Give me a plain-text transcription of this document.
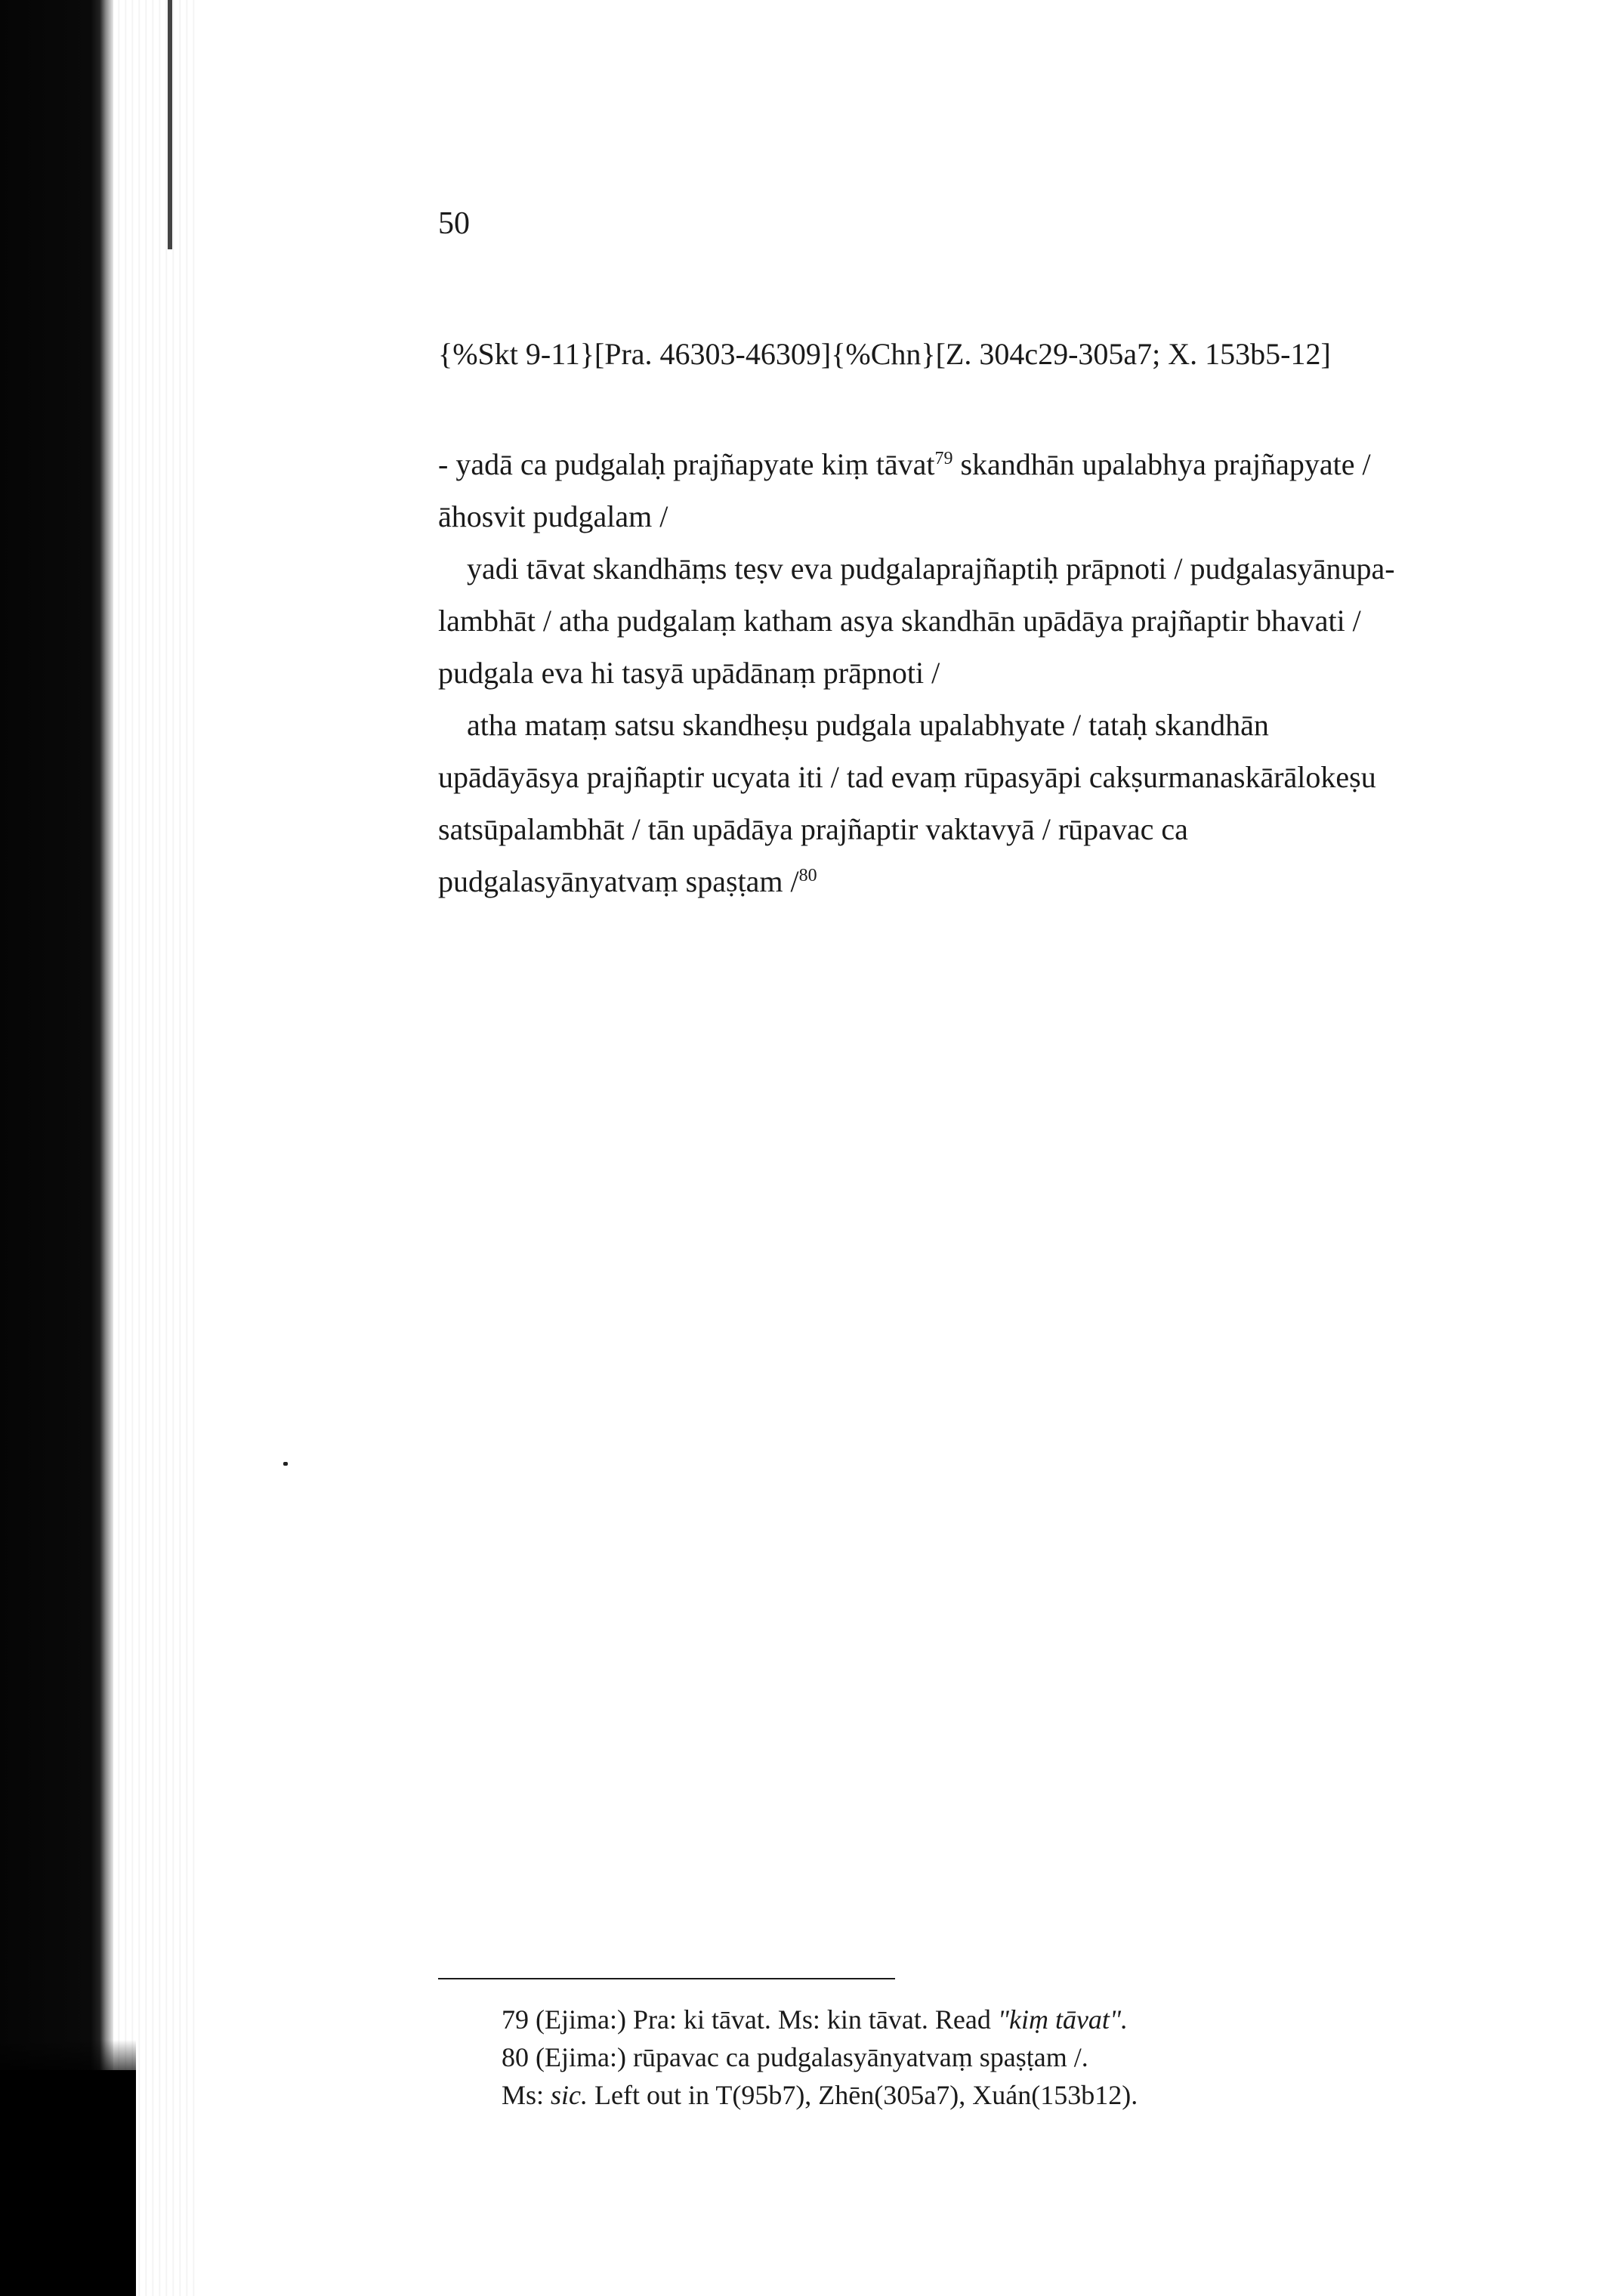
50
{%Skt 9-11}[Pra. 46303-46309]{%Chn}[Z. 304c29-305a7; X. 153b5-12]
- yadā ca pudgalaḥ prajñapyate kiṃ tāvat$^{79}$ skandhān upalabhya prajñapyate /
āhosvit pudgalam /
yadi tāvat skandhāṃs teṣv eva pudgalaprajñaptiḥ prāpnoti / pudgalasyānupa-
lambhāt / atha pudgalaṃ katham asya skandhān upādāya prajñaptir bhavati /
pudgala eva hi tasyā upādānaṃ prāpnoti /
atha mataṃ satsu skandheṣu pudgala upalabhyate / tataḥ skandhān
upādāyāsya prajñaptir ucyata iti / tad evaṃ rūpasyāpi cakṣurmanaskārālokeṣu
satsūpalambhāt / tān upādāya prajñaptir vaktavyā / rūpavac ca
pudgalasyānyatvaṃ spaṣṭam /$^{80}$
79 (Ejima:) Pra: ki tāvat. Ms: kin tāvat. Read "kiṃ tāvat".
80 (Ejima:) rūpavac ca pudgalasyānyatvaṃ spaṣṭam /.
Ms: sic. Left out in T(95b7), Zhēn(305a7), Xuán(153b12).
